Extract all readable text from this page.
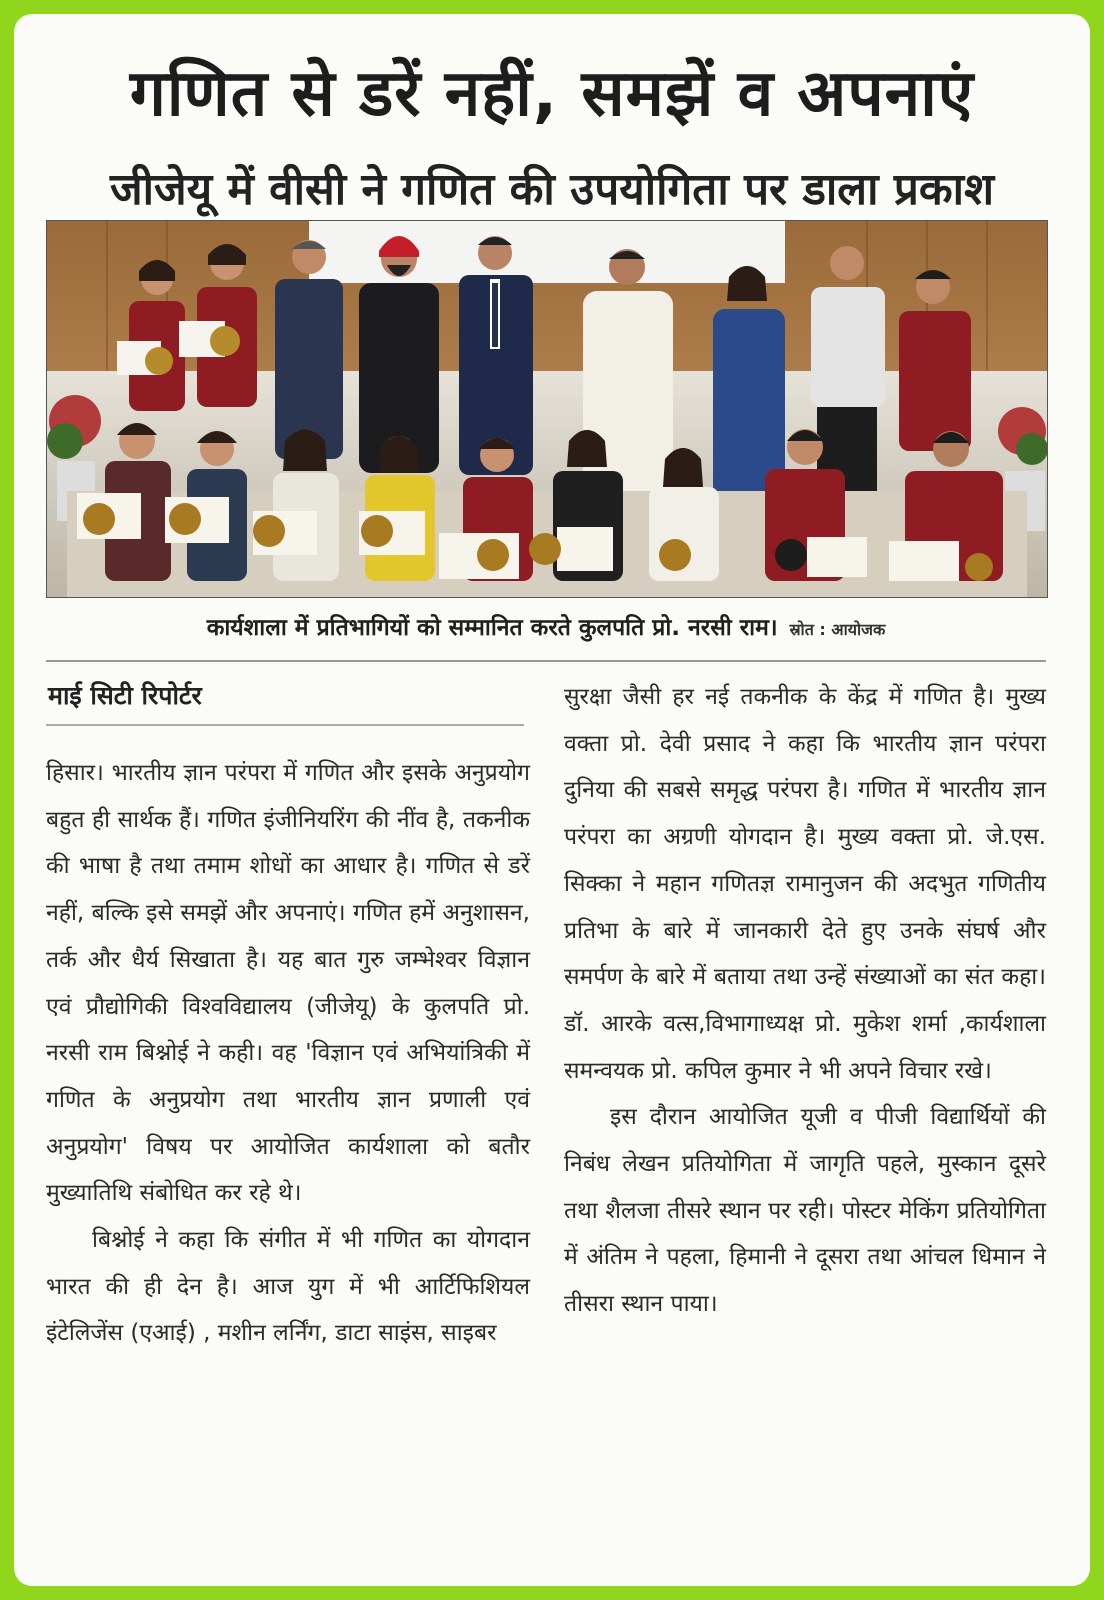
गणित से डरें नहीं, समझें व अपनाएं
जीजेयू में वीसी ने गणित की उपयोगिता पर डाला प्रकाश
कार्यशाला में प्रतिभागियों को सम्मानित करते कुलपति प्रो. नरसी राम। स्रोत : आयोजक
माई सिटी रिपोर्टर

हिसार। भारतीय ज्ञान परंपरा में गणित और इसके अनुप्रयोग बहुत ही सार्थक हैं। गणित इंजीनियरिंग की नींव है, तकनीक की भाषा है तथा तमाम शोधों का आधार है। गणित से डरें नहीं, बल्कि इसे समझें और अपनाएं। गणित हमें अनुशासन, तर्क और धैर्य सिखाता है। यह बात गुरु जम्भेश्वर विज्ञान एवं प्रौद्योगिकी विश्वविद्यालय (जीजेयू) के कुलपति प्रो. नरसी राम बिश्नोई ने कही। वह 'विज्ञान एवं अभियांत्रिकी में गणित के अनुप्रयोग तथा भारतीय ज्ञान प्रणाली एवं अनुप्रयोग' विषय पर आयोजित कार्यशाला को बतौर मुख्यातिथि संबोधित कर रहे थे।

बिश्नोई ने कहा कि संगीत में भी गणित का योगदान भारत की ही देन है। आज युग में भी आर्टिफिशियल इंटेलिजेंस (एआई) , मशीन लर्निंग, डाटा साइंस, साइबर

सुरक्षा जैसी हर नई तकनीक के केंद्र में गणित है। मुख्य वक्ता प्रो. देवी प्रसाद ने कहा कि भारतीय ज्ञान परंपरा दुनिया की सबसे समृद्ध परंपरा है। गणित में भारतीय ज्ञान परंपरा का अग्रणी योगदान है। मुख्य वक्ता प्रो. जे.एस. सिक्का ने महान गणितज्ञ रामानुजन की अदभुत गणितीय प्रतिभा के बारे में जानकारी देते हुए उनके संघर्ष और समर्पण के बारे में बताया तथा उन्हें संख्याओं का संत कहा। डॉ. आरके वत्स,विभागाध्यक्ष प्रो. मुकेश शर्मा ,कार्यशाला समन्वयक प्रो. कपिल कुमार ने भी अपने विचार रखे।

इस दौरान आयोजित यूजी व पीजी विद्यार्थियों की निबंध लेखन प्रतियोगिता में जागृति पहले, मुस्कान दूसरे तथा शैलजा तीसरे स्थान पर रही। पोस्टर मेकिंग प्रतियोगिता में अंतिम ने पहला, हिमानी ने दूसरा तथा आंचल धिमान ने तीसरा स्थान पाया।
